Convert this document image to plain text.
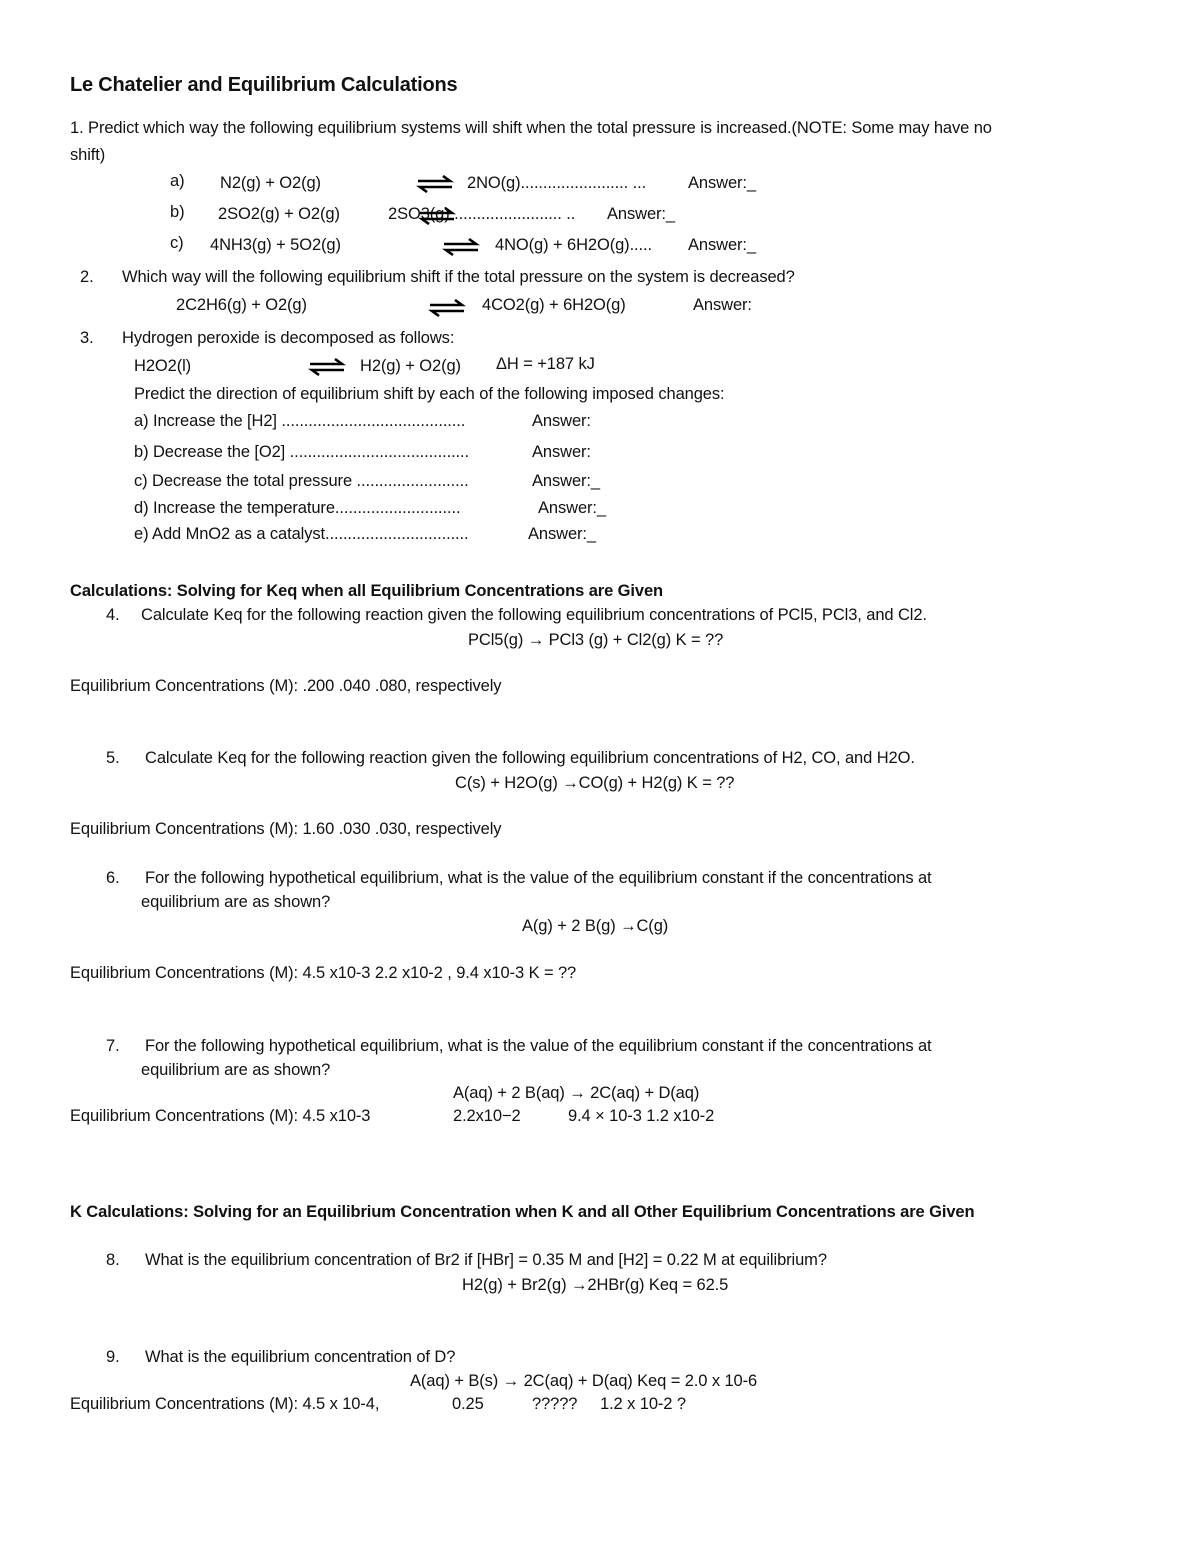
Le Chatelier and Equilibrium Calculations
1. Predict which way the following equilibrium systems will shift when the total pressure is increased.(NOTE: Some may have no
shift)
a) N2(g) + O2(g)	⇌ 2NO(g)........................ ...	Answer:_
b) 2SO2(g) + O2(g)	2SO3(g) ........................ .. Answer:_
c) 4NH3(g) + 5O2(g)	⇌ 4NO(g) + 6H2O(g)..... Answer:_
2. Which way will the following equilibrium shift if the total pressure on the system is decreased?
2C2H6(g) + O2(g)	⇌ 4CO2(g) + 6H2O(g)	Answer:
3. Hydrogen peroxide is decomposed as follows:
H2O2(l)	⇌ H2(g) + O2(g) ΔH = +187 kJ
Predict the direction of equilibrium shift by each of the following imposed changes:
a) Increase the [H2] .........................................	Answer:
b) Decrease the [O2] ........................................	Answer:
c) Decrease the total pressure .........................	Answer:_
d) Increase the temperature............................	Answer:_
e) Add MnO2 as a catalyst................................	Answer:_
Calculations: Solving for Keq when all Equilibrium Concentrations are Given
4. Calculate Keq for the following reaction given the following equilibrium concentrations of PCl5, PCl3, and Cl2.
PCl5(g) → PCl3 (g) + Cl2(g) K = ??
Equilibrium Concentrations (M): .200 .040 .080, respectively
5. Calculate Keq for the following reaction given the following equilibrium concentrations of H2, CO, and H2O.
C(s) + H2O(g) →CO(g) + H2(g) K = ??
Equilibrium Concentrations (M): 1.60 .030 .030, respectively
6. For the following hypothetical equilibrium, what is the value of the equilibrium constant if the concentrations at
equilibrium are as shown?
A(g) + 2 B(g) →C(g)
Equilibrium Concentrations (M): 4.5 x10-3 2.2 x10-2 , 9.4 x10-3 K = ??
7. For the following hypothetical equilibrium, what is the value of the equilibrium constant if the concentrations at
equilibrium are as shown?
A(aq) + 2 B(aq) → 2C(aq) + D(aq)
Equilibrium Concentrations (M): 4.5 x10-3	2.2x10−2	9.4 × 10-3 1.2 x10-2
K Calculations: Solving for an Equilibrium Concentration when K and all Other Equilibrium Concentrations are Given
8. What is the equilibrium concentration of Br2 if [HBr] = 0.35 M and [H2] = 0.22 M at equilibrium?
H2(g) + Br2(g) →2HBr(g) Keq = 62.5
9. What is the equilibrium concentration of D?
A(aq) + B(s) → 2C(aq) + D(aq) Keq = 2.0 x 10-6
Equilibrium Concentrations (M): 4.5 x 10-4,	0.25	????? 1.2 x 10-2 ?
